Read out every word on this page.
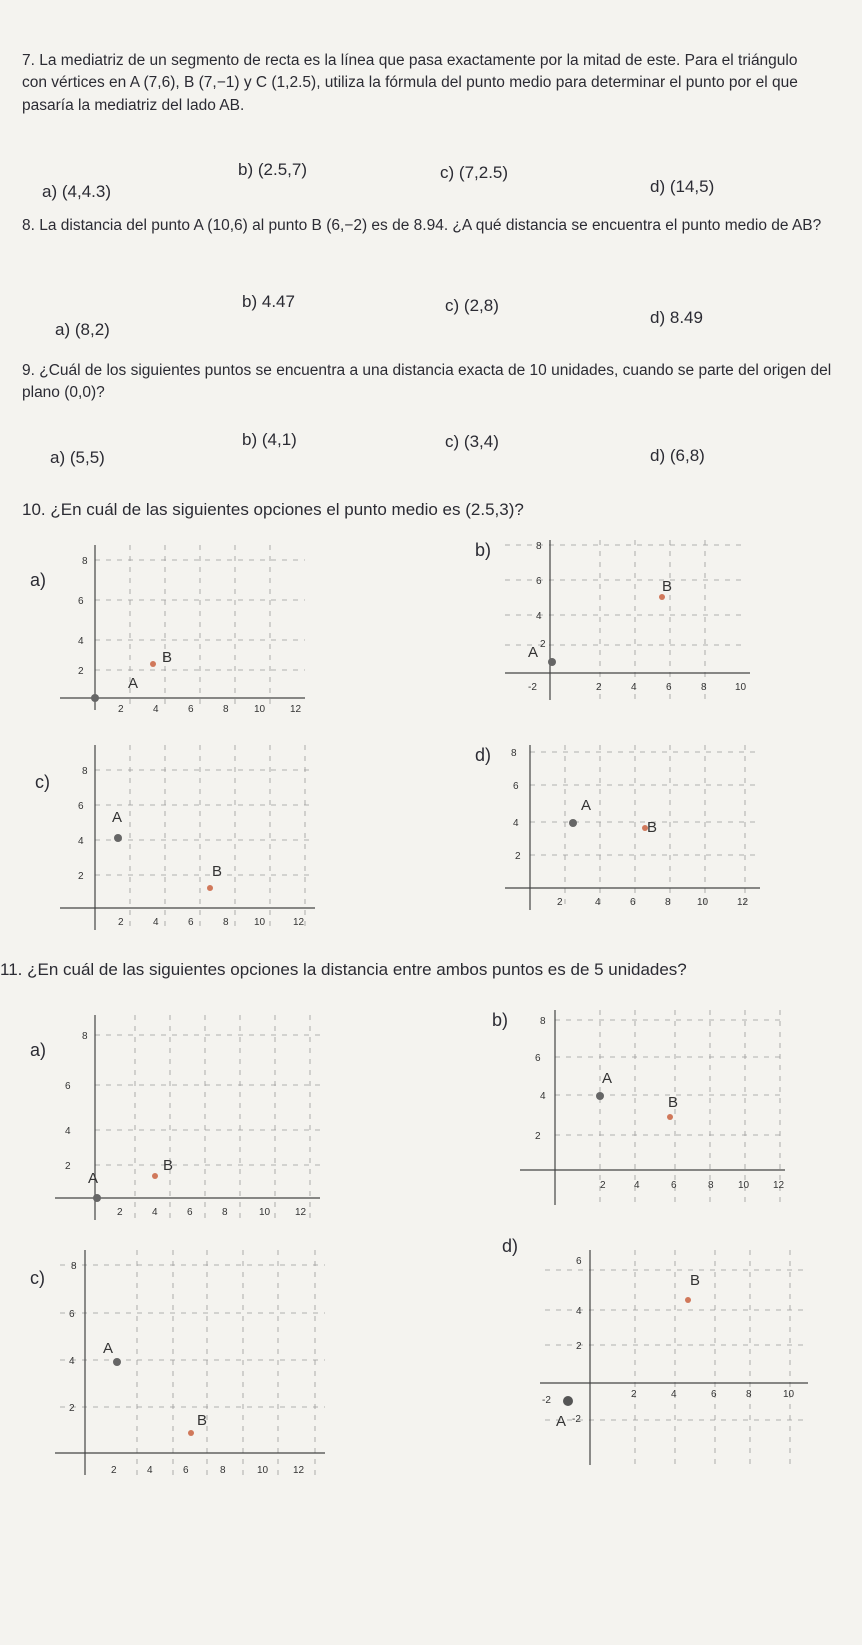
7. La mediatriz de un segmento de recta es la línea que pasa exactamente por la mitad de este. Para el triángulo con vértices en A (7,6), B (7,−1) y C (1,2.5), utiliza la fórmula del punto medio para determinar el punto por el que pasaría la mediatriz del lado AB.
a) (4,4.3)
b) (2.5,7)	c) (7,2.5)
d) (14,5)
8. La distancia del punto A (10,6) al punto B (6,−2) es de 8.94. ¿A qué distancia se encuentra el punto medio de AB?
a) (8,2)
b) 4.47	c) (2,8)
d) 8.49
9. ¿Cuál de los siguientes puntos se encuentra a una distancia exacta de 10 unidades, cuando se parte del origen del plano (0,0)?
a) (5,5)
b) (4,1)	c) (3,4)
d) (6,8)
10. ¿En cuál de las siguientes opciones el punto medio es (2.5,3)?
a)
8
6
4
2
2	4	6	8	10 12
A
B
b)	8
6
4
2
-2	2	4	6	8	10
A
B
c)
8
6
4
2
2	4	6	8	10	12
A
B
d) 8
6
4
2
2	4	6	8	10	12
A
B
11. ¿En cuál de las siguientes opciones la distancia entre ambos puntos es de 5 unidades?
a)
8
6
4
2
2	4	6	8	10 12
A
B
b)	8
6
4
2
2	4	6	8 10 12
A
B
c)
8
6
4
2
2	4	6	8	10 12
A
B
d)
6
4
2
-2
-2
2	4	6	8	10
A
B
